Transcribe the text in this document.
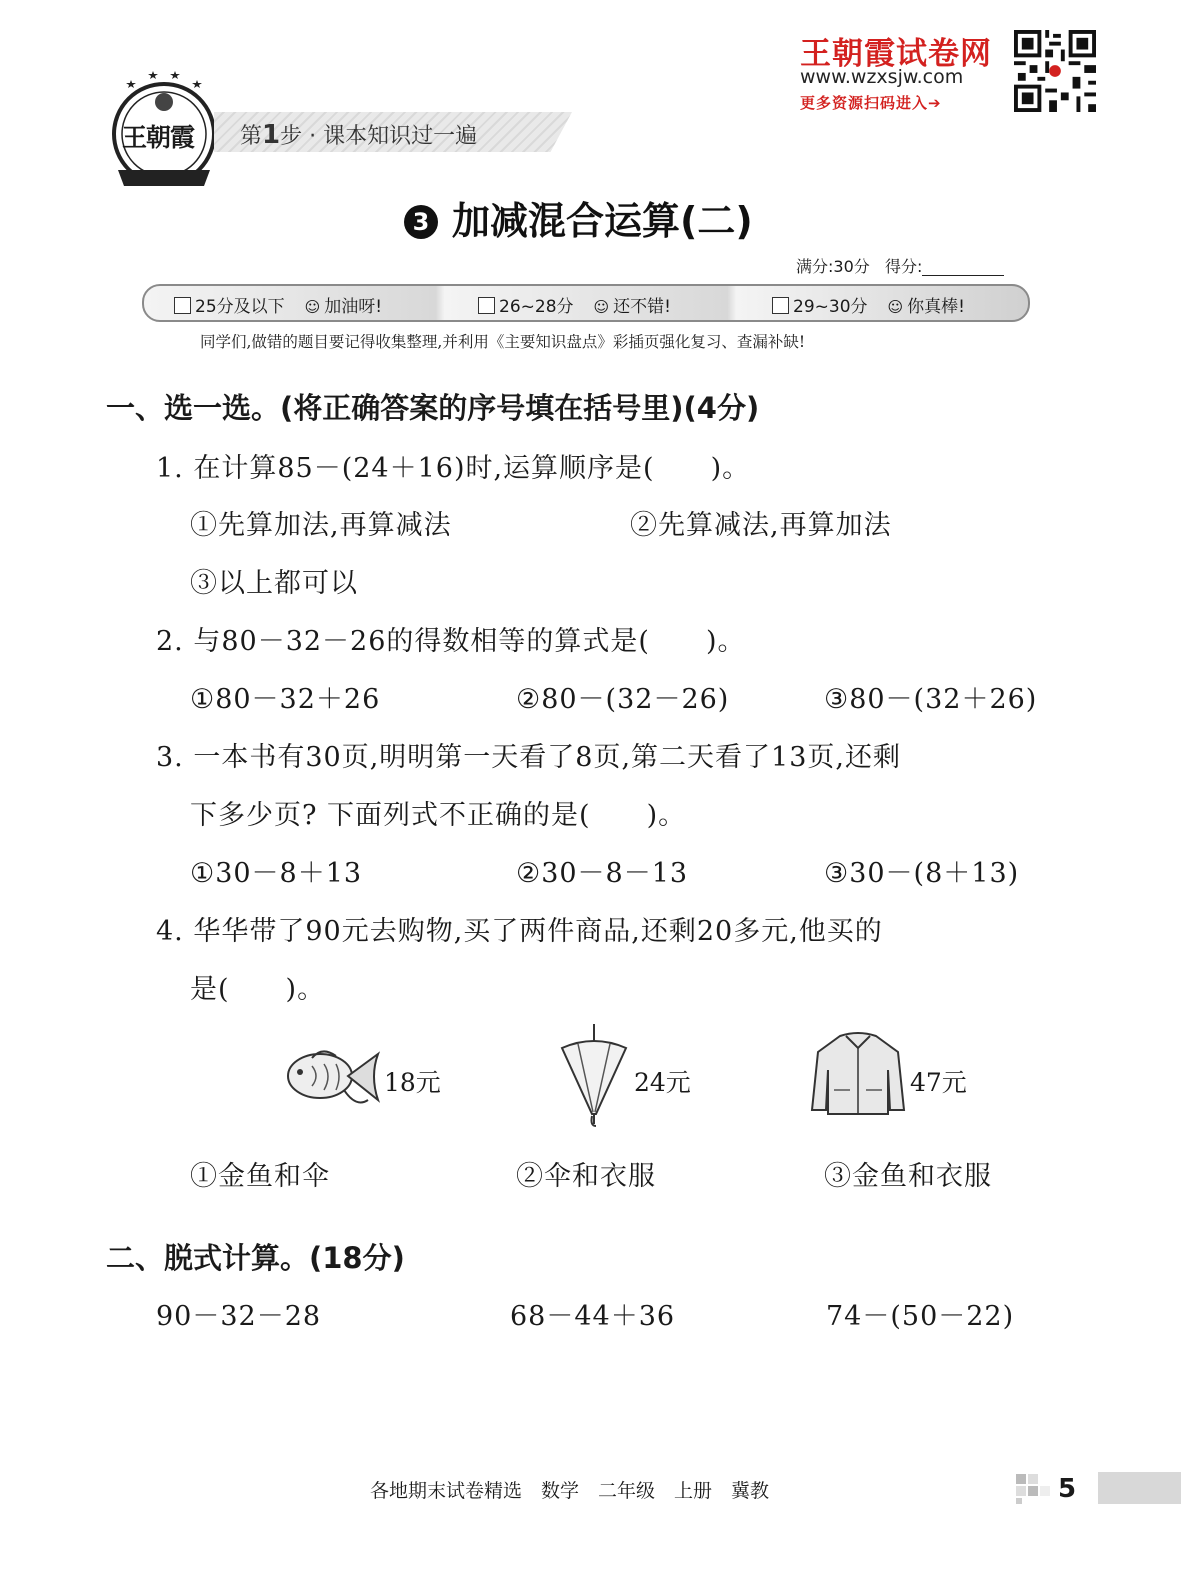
王朝霞试卷网
www.wzxsjw.com
更多资源扫码进入➔
王朝霞 第1步 · 课本知识过一遍
3 加减混合运算(二)
满分:30分 得分:
25分及以下 ☺ 加油呀!	26~28分 ☺ 还不错!	29~30分 ☺ 你真棒!
同学们,做错的题目要记得收集整理,并利用《主要知识盘点》彩插页强化复习、查漏补缺!
一、选一选。(将正确答案的序号填在括号里)(4分)
1. 在计算85－(24＋16)时,运算顺序是(　　)。
①先算加法,再算减法	②先算减法,再算加法
③以上都可以
2. 与80－32－26的得数相等的算式是(　　)。
①80－32＋26	②80－(32－26)	③80－(32＋26)
3. 一本书有30页,明明第一天看了8页,第二天看了13页,还剩
下多少页? 下面列式不正确的是(　　)。
①30－8＋13	②30－8－13	③30－(8＋13)
4. 华华带了90元去购物,买了两件商品,还剩20多元,他买的
是(　　)。
18元	24元	47元
①金鱼和伞	②伞和衣服	③金鱼和衣服
二、脱式计算。(18分)
90－32－28	68－44＋36	74－(50－22)
各地期末试卷精选　数学　二年级　上册　冀教	5
